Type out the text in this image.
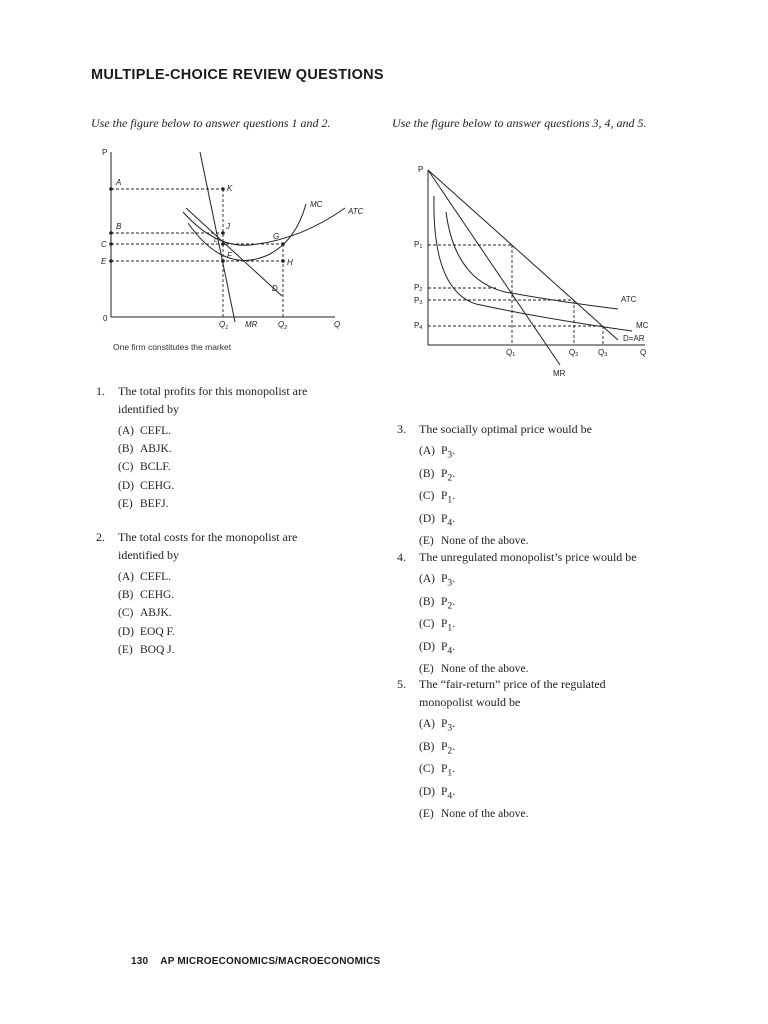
MULTIPLE-CHOICE REVIEW QUESTIONS
Use the figure below to answer questions 1 and 2.	Use the figure below to answer questions 3, 4, and 5.
P
0
Q
A
B
C
E
K
J
L
F
G
H
D
MC
ATC
MR
$Q_1$	$Q_2$
One firm constitutes the market
P
Q
P1
P2
P3
P4
Q1	Q2 Q3
ATC
MC
D=AR
MR
1. The total profits for this monopolist are
identified by
(A) CEFL.
(B) ABJK.
(C) BCLF.
(D) CEHG.
(E) BEFJ.
2. The total costs for the monopolist are
identified by
(A) CEFL.
(B) CEHG.
(C) ABJK.
(D) EOQ F.
(E) BOQ J.
3. The socially optimal price would be
(A) $P_3$.
(B) $P_2$.
(C) $P_1$.
(D) $P_4$.
(E) None of the above.
4. The unregulated monopolist’s price would be
(A) $P_3$.
(B) $P_2$.
(C) $P_1$.
(D) $P_4$.
(E) None of the above.
5. The “fair-return” price of the regulated
monopolist would be
(A) $P_3$.
(B) $P_2$.
(C) $P_1$.
(D) $P_4$.
(E) None of the above.
130 AP MICROECONOMICS/MACROECONOMICS
